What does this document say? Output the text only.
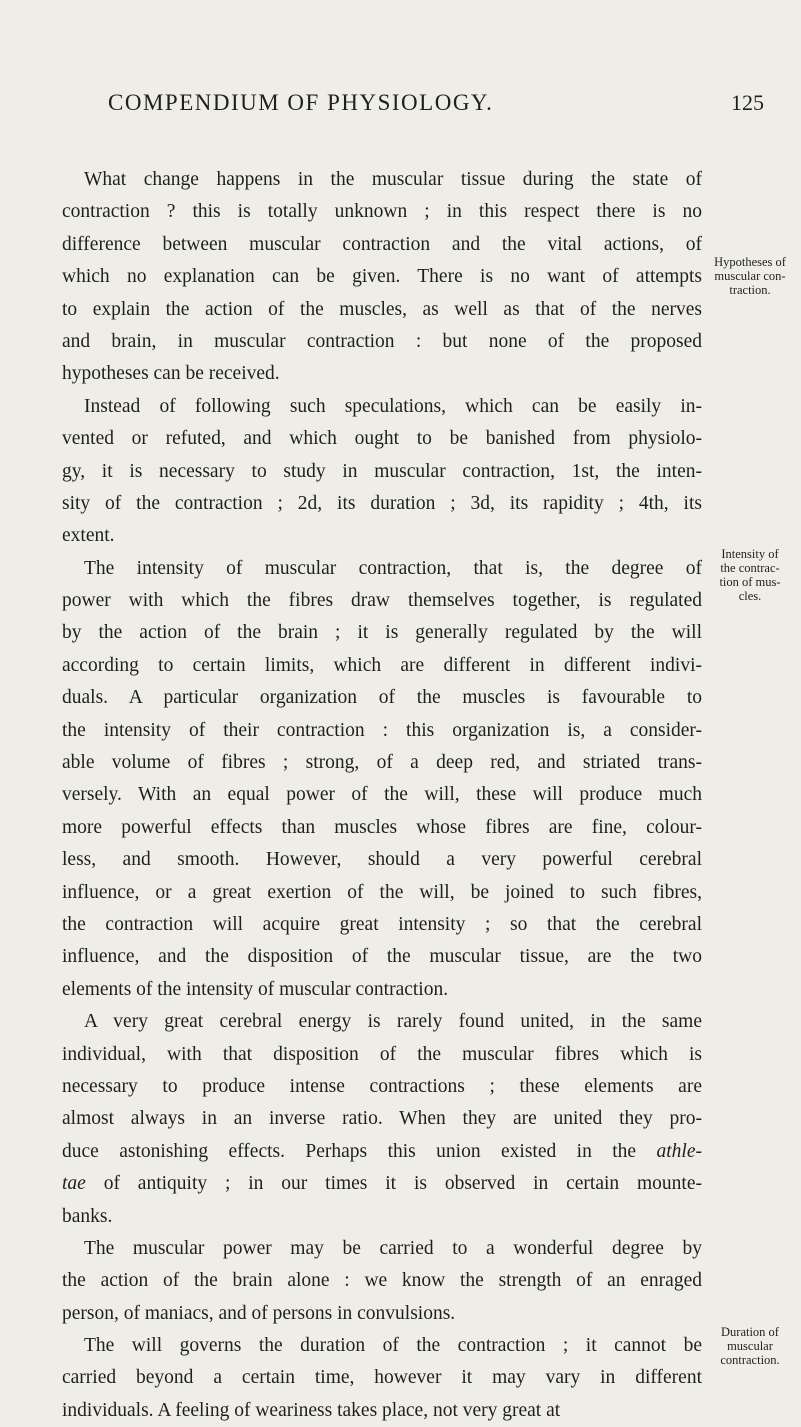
COMPENDIUM OF PHYSIOLOGY.	125
What change happens in the muscular tissue during the state of
contraction ? this is totally unknown ; in this respect there is no
difference between muscular contraction and the vital actions, of
which no explanation can be given. There is no want of attempts
to explain the action of the muscles, as well as that of the nerves
and brain, in muscular contraction : but none of the proposed
hypotheses can be received.
Instead of following such speculations, which can be easily in-
vented or refuted, and which ought to be banished from physiolo-
gy, it is necessary to study in muscular contraction, 1st, the inten-
sity of the contraction ; 2d, its duration ; 3d, its rapidity ; 4th, its
extent.
The intensity of muscular contraction, that is, the degree of
power with which the fibres draw themselves together, is regulated
by the action of the brain ; it is generally regulated by the will
according to certain limits, which are different in different indivi-
duals. A particular organization of the muscles is favourable to
the intensity of their contraction : this organization is, a consider-
able volume of fibres ; strong, of a deep red, and striated trans-
versely. With an equal power of the will, these will produce much
more powerful effects than muscles whose fibres are fine, colour-
less, and smooth. However, should a very powerful cerebral
influence, or a great exertion of the will, be joined to such fibres,
the contraction will acquire great intensity ; so that the cerebral
influence, and the disposition of the muscular tissue, are the two
elements of the intensity of muscular contraction.
A very great cerebral energy is rarely found united, in the same
individual, with that disposition of the muscular fibres which is
necessary to produce intense contractions ; these elements are
almost always in an inverse ratio. When they are united they pro-
duce astonishing effects. Perhaps this union existed in the athle-
tae of antiquity ; in our times it is observed in certain mounte-
banks.
The muscular power may be carried to a wonderful degree by
the action of the brain alone : we know the strength of an enraged
person, of maniacs, and of persons in convulsions.
The will governs the duration of the contraction ; it cannot be
carried beyond a certain time, however it may vary in different
individuals. A feeling of weariness takes place, not very great at
Hypotheses of
muscular con-
traction.
Intensity of
the contrac-
tion of mus-
cles.
Duration of
muscular
contraction.
